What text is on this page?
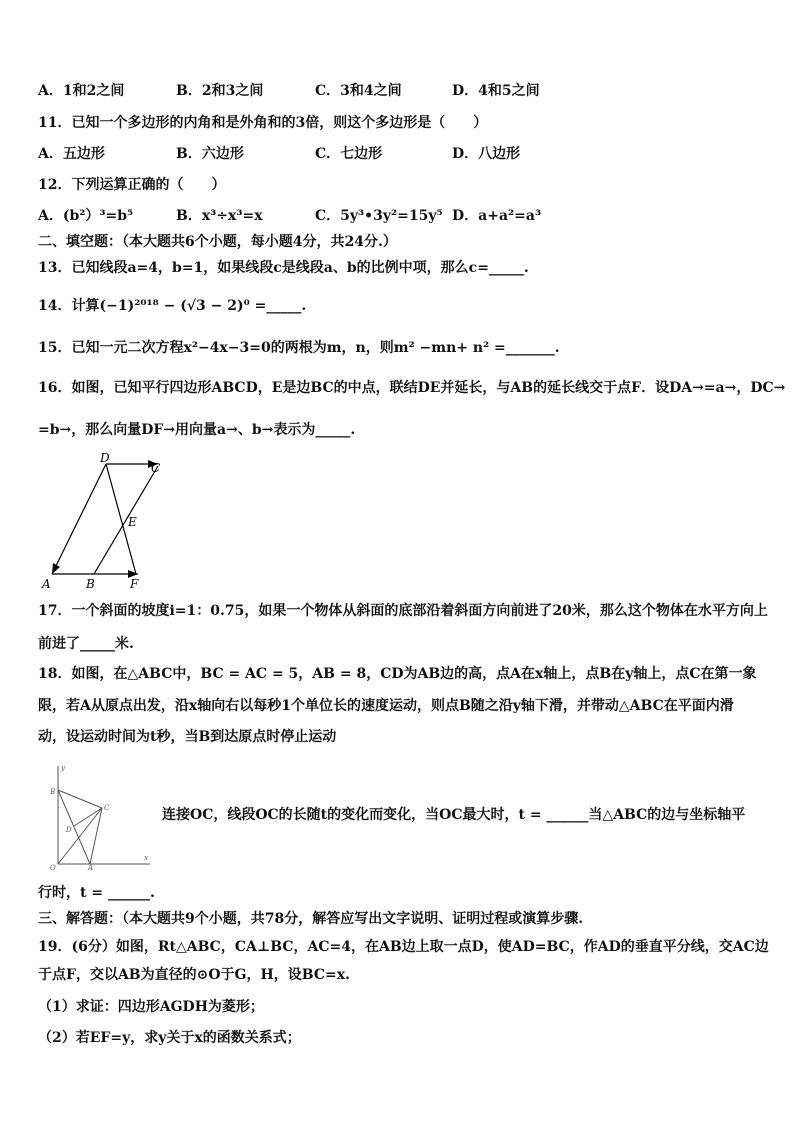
A．1和2之间	B．2和3之间	C．3和4之间	D．4和5之间
11．已知一个多边形的内角和是外角和的3倍，则这个多边形是（　　）
A．五边形	B．六边形	C．七边形	D．八边形
12．下列运算正确的（　　）
A．(b²）³=b⁵	B．x³÷x³=x	C．5y³•3y²=15y⁵ D．a+a²=a³
二、填空题：（本大题共6个小题，每小题4分，共24分.）
13．已知线段a=4，b=1，如果线段c是线段a、b的比例中项，那么c=_____.
14．计算(−1)²⁰¹⁸ − (√3 − 2)⁰ =_____.
15．已知一元二次方程x²−4x−3=0的两根为m，n，则m² −mn+ n² =_______.
16．如图，已知平行四边形ABCD，E是边BC的中点，联结DE并延长，与AB的延长线交于点F．设DA→=a→，DC→
=b→，那么向量DF→用向量a→、b→表示为_____.
D
C
E
A	B	F
17．一个斜面的坡度i=1：0.75，如果一个物体从斜面的底部沿着斜面方向前进了20米，那么这个物体在水平方向上
前进了_____米.
18．如图，在△ABC中，BC = AC = 5，AB = 8，CD为AB边的高，点A在x轴上，点B在y轴上，点C在第一象
限，若A从原点出发，沿x轴向右以每秒1个单位长的速度运动，则点B随之沿y轴下滑，并带动△ABC在平面内滑
动，设运动时间为t秒，当B到达原点时停止运动
y
B
C
D
O	A
x
连接OC，线段OC的长随t的变化而变化，当OC最大时，t = ______当△ABC的边与坐标轴平
行时，t = ______.
三、解答题：（本大题共9个小题，共78分，解答应写出文字说明、证明过程或演算步骤.
19．(6分）如图，Rt△ABC，CA⊥BC，AC=4，在AB边上取一点D，使AD=BC，作AD的垂直平分线，交AC边
于点F，交以AB为直径的⊙O于G，H，设BC=x.
（1）求证：四边形AGDH为菱形；
（2）若EF=y，求y关于x的函数关系式；
